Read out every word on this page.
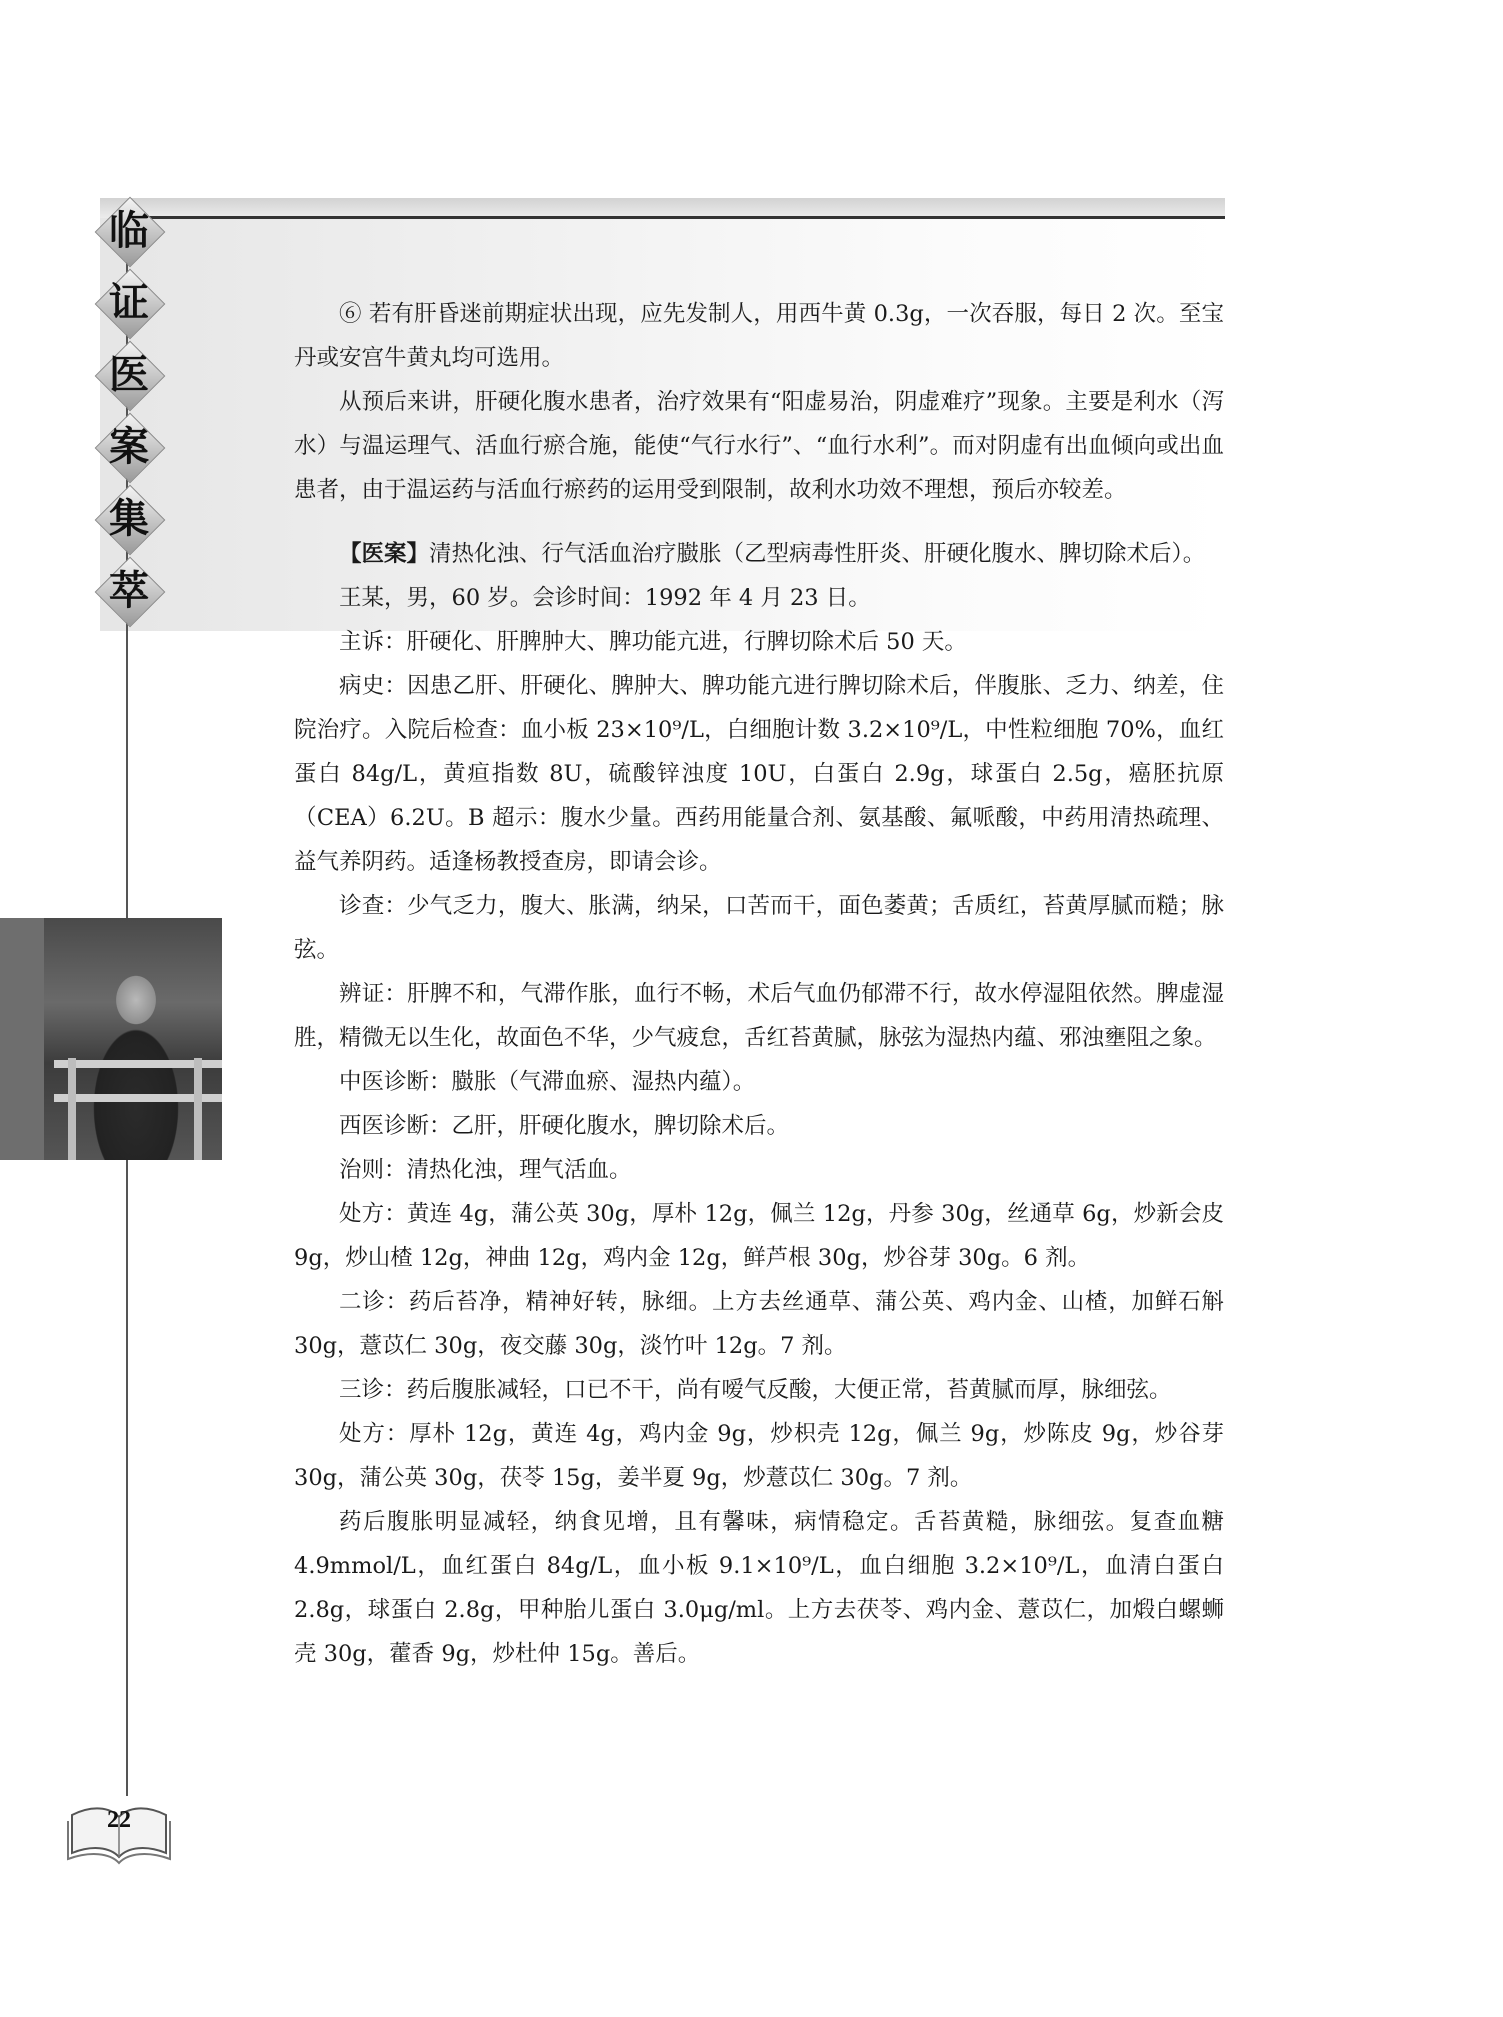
临
证
医
案
集
萃

⑥ 若有肝昏迷前期症状出现，应先发制人，用西牛黄 0.3g，一次吞服，每日 2 次。至宝丹或安宫牛黄丸均可选用。

从预后来讲，肝硬化腹水患者，治疗效果有“阳虚易治，阴虚难疗”现象。主要是利水（泻水）与温运理气、活血行瘀合施，能使“气行水行”、“血行水利”。而对阴虚有出血倾向或出血患者，由于温运药与活血行瘀药的运用受到限制，故利水功效不理想，预后亦较差。

【医案】清热化浊、行气活血治疗臌胀（乙型病毒性肝炎、肝硬化腹水、脾切除术后）。

王某，男，60 岁。会诊时间：1992 年 4 月 23 日。

主诉：肝硬化、肝脾肿大、脾功能亢进，行脾切除术后 50 天。

病史：因患乙肝、肝硬化、脾肿大、脾功能亢进行脾切除术后，伴腹胀、乏力、纳差，住院治疗。入院后检查：血小板 23×10⁹/L，白细胞计数 3.2×10⁹/L，中性粒细胞 70%，血红蛋白 84g/L，黄疸指数 8U，硫酸锌浊度 10U，白蛋白 2.9g，球蛋白 2.5g，癌胚抗原（CEA）6.2U。B 超示：腹水少量。西药用能量合剂、氨基酸、氟哌酸，中药用清热疏理、益气养阴药。适逢杨教授查房，即请会诊。

诊查：少气乏力，腹大、胀满，纳呆，口苦而干，面色萎黄；舌质红，苔黄厚腻而糙；脉弦。

辨证：肝脾不和，气滞作胀，血行不畅，术后气血仍郁滞不行，故水停湿阻依然。脾虚湿胜，精微无以生化，故面色不华，少气疲怠，舌红苔黄腻，脉弦为湿热内蕴、邪浊壅阻之象。

中医诊断：臌胀（气滞血瘀、湿热内蕴）。

西医诊断：乙肝，肝硬化腹水，脾切除术后。

治则：清热化浊，理气活血。

处方：黄连 4g，蒲公英 30g，厚朴 12g，佩兰 12g，丹参 30g，丝通草 6g，炒新会皮 9g，炒山楂 12g，神曲 12g，鸡内金 12g，鲜芦根 30g，炒谷芽 30g。6 剂。

二诊：药后苔净，精神好转，脉细。上方去丝通草、蒲公英、鸡内金、山楂，加鲜石斛 30g，薏苡仁 30g，夜交藤 30g，淡竹叶 12g。7 剂。

三诊：药后腹胀减轻，口已不干，尚有嗳气反酸，大便正常，苔黄腻而厚，脉细弦。

处方：厚朴 12g，黄连 4g，鸡内金 9g，炒枳壳 12g，佩兰 9g，炒陈皮 9g，炒谷芽 30g，蒲公英 30g，茯苓 15g，姜半夏 9g，炒薏苡仁 30g。7 剂。

药后腹胀明显减轻，纳食见增，且有馨味，病情稳定。舌苔黄糙，脉细弦。复查血糖 4.9mmol/L，血红蛋白 84g/L，血小板 9.1×10⁹/L，血白细胞 3.2×10⁹/L，血清白蛋白 2.8g，球蛋白 2.8g，甲种胎儿蛋白 3.0μg/ml。上方去茯苓、鸡内金、薏苡仁，加煅白螺蛳壳 30g，藿香 9g，炒杜仲 15g。善后。

22
